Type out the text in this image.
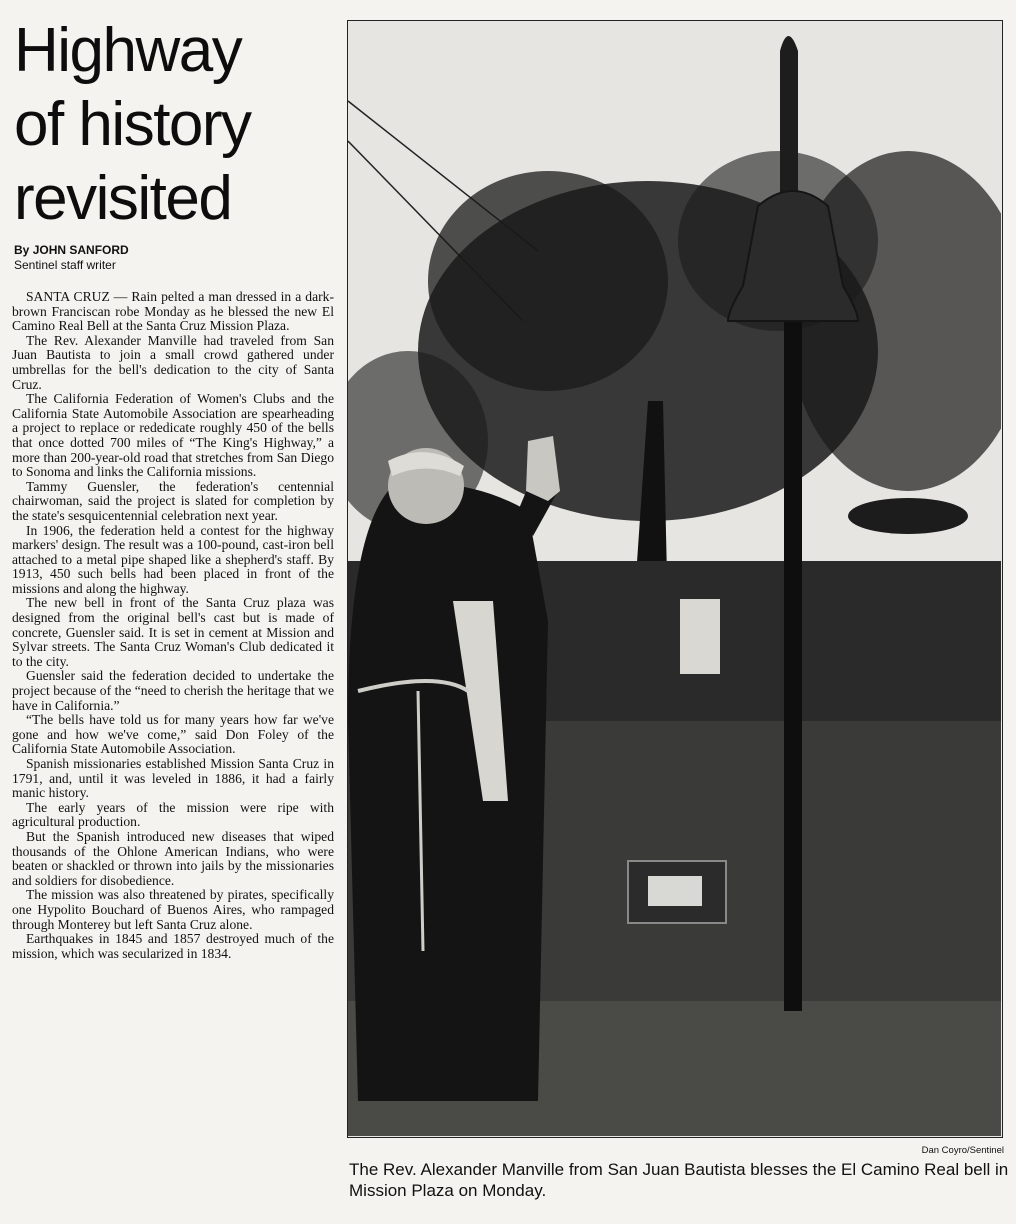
Highway
of history
revisited
By JOHN SANFORD
Sentinel staff writer

SANTA CRUZ — Rain pelted a man dressed in a dark-brown Franciscan robe Monday as he blessed the new El Camino Real Bell at the Santa Cruz Mission Plaza.

The Rev. Alexander Manville had traveled from San Juan Bautista to join a small crowd gathered under umbrellas for the bell's dedication to the city of Santa Cruz.

The California Federation of Women's Clubs and the California State Automobile Association are spearheading a project to replace or rededicate roughly 450 of the bells that once dotted 700 miles of “The King's Highway,” a more than 200-year-old road that stretches from San Diego to Sonoma and links the California missions.

Tammy Guensler, the federation's centennial chairwoman, said the project is slated for completion by the state's sesquicentennial celebration next year.

In 1906, the federation held a contest for the highway markers' design. The result was a 100-pound, cast-iron bell attached to a metal pipe shaped like a shepherd's staff. By 1913, 450 such bells had been placed in front of the missions and along the highway.

The new bell in front of the Santa Cruz plaza was designed from the original bell's cast but is made of concrete, Guensler said. It is set in cement at Mission and Sylvar streets. The Santa Cruz Woman's Club dedicated it to the city.

Guensler said the federation decided to undertake the project because of the “need to cherish the heritage that we have in California.”

“The bells have told us for many years how far we've gone and how we've come,” said Don Foley of the California State Automobile Association.

Spanish missionaries established Mission Santa Cruz in 1791, and, until it was leveled in 1886, it had a fairly manic history.

The early years of the mission were ripe with agricultural production.

But the Spanish introduced new diseases that wiped thousands of the Ohlone American Indians, who were beaten or shackled or thrown into jails by the missionaries and soldiers for disobedience.

The mission was also threatened by pirates, specifically one Hypolito Bouchard of Buenos Aires, who rampaged through Monterey but left Santa Cruz alone.

Earthquakes in 1845 and 1857 destroyed much of the mission, which was secularized in 1834.

Dan Coyro/Sentinel
The Rev. Alexander Manville from San Juan Bautista blesses the El Camino Real bell in Mission Plaza on Monday.
